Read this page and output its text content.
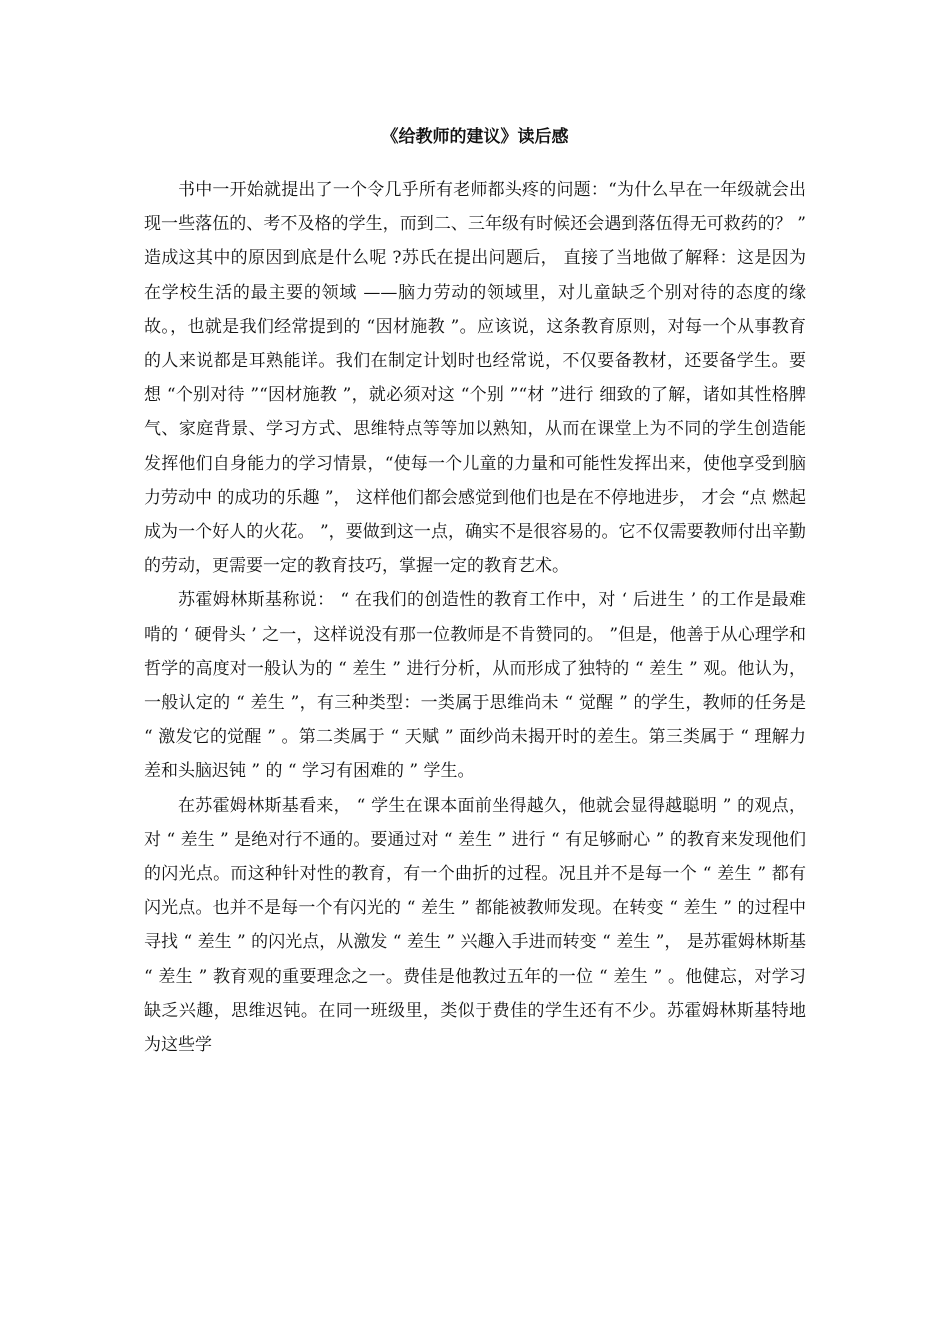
《给教师的建议》读后感

书中一开始就提出了一个令几乎所有老师都头疼的问题：“为什么早在一年级就会出现一些落伍的、考不及格的学生，而到二、三年级有时候还会遇到落伍得无可救药的？ ” 造成这其中的原因到底是什么呢 ?苏氏在提出问题后， 直接了当地做了解释：这是因为在学校生活的最主要的领域 ——脑力劳动的领域里，对儿童缺乏个别对待的态度的缘故。，也就是我们经常提到的 “因材施教 ”。应该说，这条教育原则，对每一个从事教育的人来说都是耳熟能详。我们在制定计划时也经常说，不仅要备教材，还要备学生。要想 “个别对待 ”“因材施教 ”，就必须对这 “个别 ”“材 ”进行 细致的了解，诸如其性格脾气、家庭背景、学习方式、思维特点等等加以熟知，从而在课堂上为不同的学生创造能发挥他们自身能力的学习情景，“使每一个儿童的力量和可能性发挥出来，使他享受到脑力劳动中 的成功的乐趣 ”， 这样他们都会感觉到他们也是在不停地进步， 才会 “点 燃起成为一个好人的火花。 ”，要做到这一点，确实不是很容易的。它不仅需要教师付出辛勤的劳动，更需要一定的教育技巧，掌握一定的教育艺术。

苏霍姆林斯基称说： “ 在我们的创造性的教育工作中，对 ‘ 后进生 ’ 的工作是最难啃的 ‘ 硬骨头 ’ 之一，这样说没有那一位教师是不肯赞同的。 ”但是，他善于从心理学和哲学的高度对一般认为的 “ 差生 ” 进行分析，从而形成了独特的 “ 差生 ” 观。他认为，一般认定的 “ 差生 ”，有三种类型：一类属于思维尚未 “ 觉醒 ” 的学生，教师的任务是 “ 激发它的觉醒 ” 。第二类属于 “ 天赋 ” 面纱尚未揭开时的差生。第三类属于 “ 理解力差和头脑迟钝 ” 的 “ 学习有困难的 ” 学生。

在苏霍姆林斯基看来， “ 学生在课本面前坐得越久，他就会显得越聪明 ” 的观点，对 “ 差生 ” 是绝对行不通的。要通过对 “ 差生 ” 进行 “ 有足够耐心 ” 的教育来发现他们的闪光点。而这种针对性的教育，有一个曲折的过程。况且并不是每一个 “ 差生 ” 都有闪光点。也并不是每一个有闪光的 “ 差生 ” 都能被教师发现。在转变 “ 差生 ” 的过程中寻找 “ 差生 ” 的闪光点，从激发 “ 差生 ” 兴趣入手进而转变 “ 差生 ”， 是苏霍姆林斯基 “ 差生 ” 教育观的重要理念之一。费佳是他教过五年的一位 “ 差生 ” 。他健忘，对学习缺乏兴趣，思维迟钝。在同一班级里，类似于费佳的学生还有不少。苏霍姆林斯基特地为这些学
